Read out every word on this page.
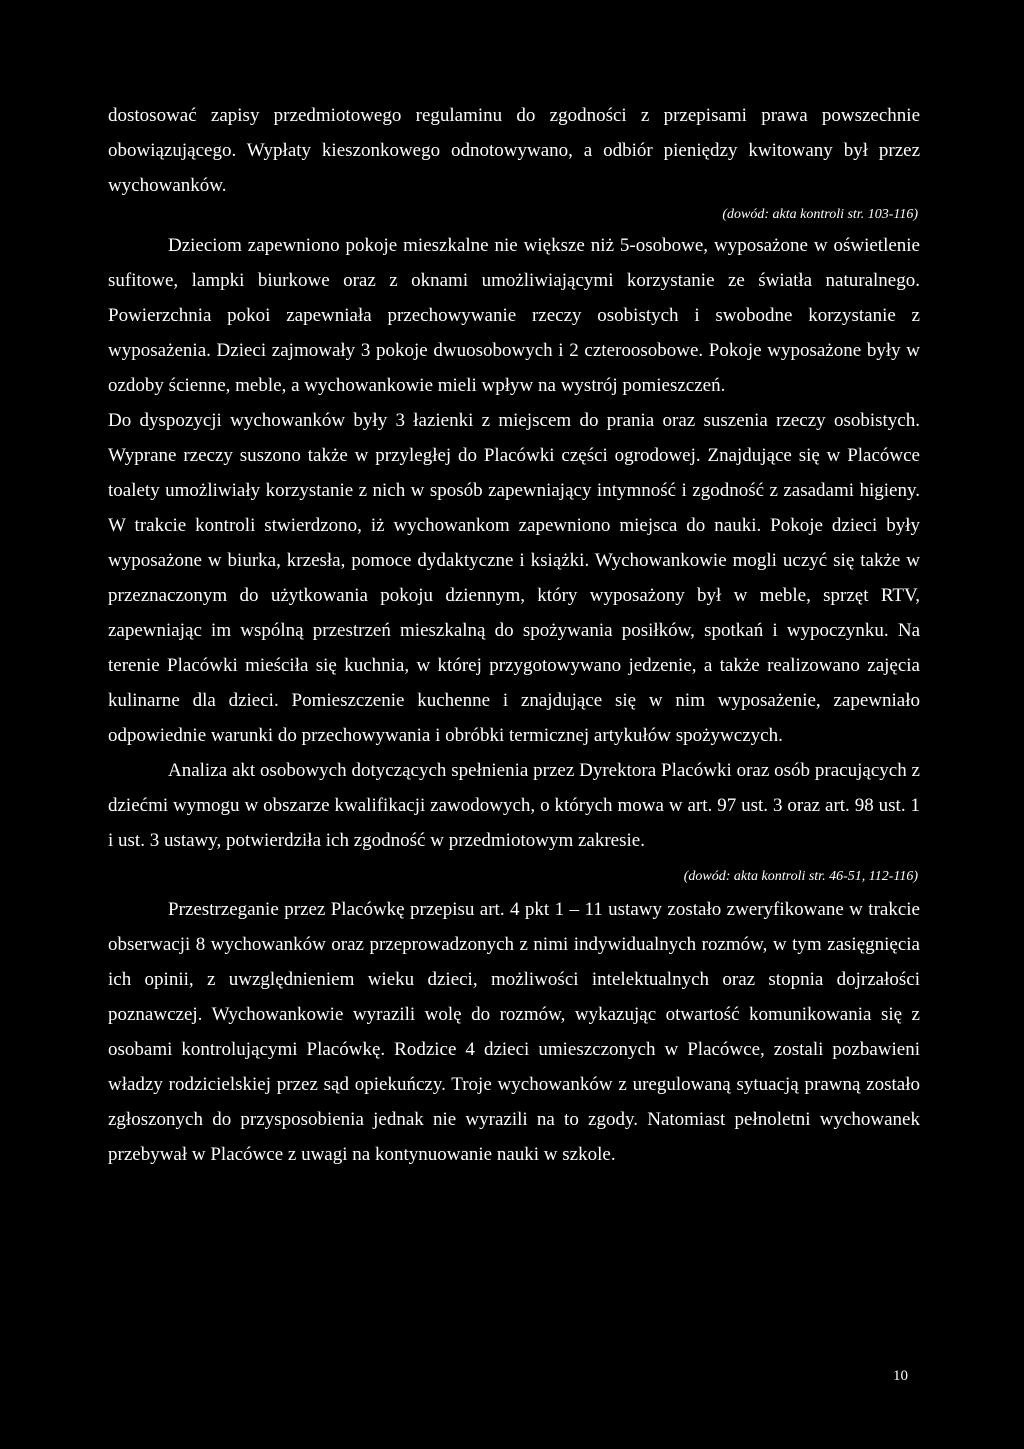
dostosować zapisy przedmiotowego regulaminu do zgodności z przepisami prawa powszechnie obowiązującego. Wypłaty kieszonkowego odnotowywano, a odbiór pieniędzy kwitowany był przez wychowanków.

(dowód: akta kontroli str. 103-116)

Dzieciom zapewniono pokoje mieszkalne nie większe niż 5-osobowe, wyposażone w oświetlenie sufitowe, lampki biurkowe oraz z oknami umożliwiającymi korzystanie ze światła naturalnego. Powierzchnia pokoi zapewniała przechowywanie rzeczy osobistych i swobodne korzystanie z wyposażenia. Dzieci zajmowały 3 pokoje dwuosobowych i 2 czteroosobowe. Pokoje wyposażone były w ozdoby ścienne, meble, a wychowankowie mieli wpływ na wystrój pomieszczeń.

Do dyspozycji wychowanków były 3 łazienki z miejscem do prania oraz suszenia rzeczy osobistych. Wyprane rzeczy suszono także w przyległej do Placówki części ogrodowej. Znajdujące się w Placówce toalety umożliwiały korzystanie z nich w sposób zapewniający intymność i zgodność z zasadami higieny. W trakcie kontroli stwierdzono, iż wychowankom zapewniono miejsca do nauki. Pokoje dzieci były wyposażone w biurka, krzesła, pomoce dydaktyczne i książki. Wychowankowie mogli uczyć się także w przeznaczonym do użytkowania pokoju dziennym, który wyposażony był w meble, sprzęt RTV, zapewniając im wspólną przestrzeń mieszkalną do spożywania posiłków, spotkań i wypoczynku. Na terenie Placówki mieściła się kuchnia, w której przygotowywano jedzenie, a także realizowano zajęcia kulinarne dla dzieci. Pomieszczenie kuchenne i znajdujące się w nim wyposażenie, zapewniało odpowiednie warunki do przechowywania i obróbki termicznej artykułów spożywczych.

Analiza akt osobowych dotyczących spełnienia przez Dyrektora Placówki oraz osób pracujących z dziećmi wymogu w obszarze kwalifikacji zawodowych, o których mowa w art. 97 ust. 3 oraz art. 98 ust. 1 i ust. 3 ustawy, potwierdziła ich zgodność w przedmiotowym zakresie.

(dowód: akta kontroli str. 46-51, 112-116)

Przestrzeganie przez Placówkę przepisu art. 4 pkt 1 – 11 ustawy zostało zweryfikowane w trakcie obserwacji 8 wychowanków oraz przeprowadzonych z nimi indywidualnych rozmów, w tym zasięgnięcia ich opinii, z uwzględnieniem wieku dzieci, możliwości intelektualnych oraz stopnia dojrzałości poznawczej. Wychowankowie wyrazili wolę do rozmów, wykazując otwartość komunikowania się z osobami kontrolującymi Placówkę. Rodzice 4 dzieci umieszczonych w Placówce, zostali pozbawieni władzy rodzicielskiej przez sąd opiekuńczy. Troje wychowanków z uregulowaną sytuacją prawną zostało zgłoszonych do przysposobienia jednak nie wyrazili na to zgody. Natomiast pełnoletni wychowanek przebywał w Placówce z uwagi na kontynuowanie nauki w szkole.

10
